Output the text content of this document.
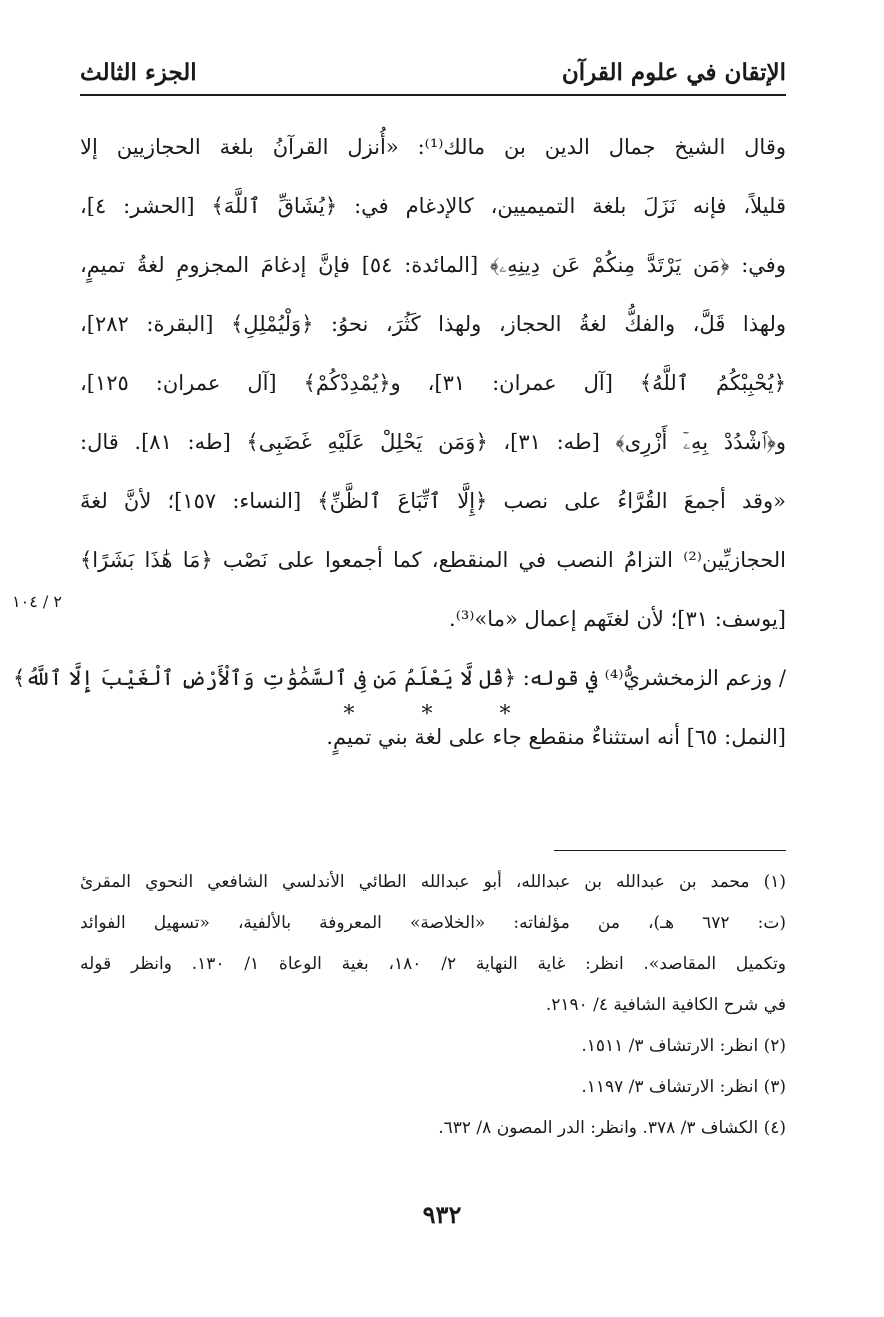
الإتقان في علوم القرآن
الجزء الثالث
وقال الشيخ جمال الدين بن مالك⁽¹⁾: «أُنزل القرآنُ بلغة الحجازيين إلا
قليلاً، فإنه نَزَلَ بلغة التميميين، كالإدغام في: ﴿يُشَاقِّ ٱللَّهَ﴾ [الحشر: ٤]،
وفي: ﴿مَن يَرْتَدَّ مِنكُمْ عَن دِينِهِۦ﴾ [المائدة: ٥٤] فإنَّ إدغامَ المجزومِ لغةُ تميمٍ،
ولهذا قَلَّ، والفكُّ لغةُ الحجاز، ولهذا كَثُرَ، نحوُ: ﴿وَلْيُمْلِلِ﴾ [البقرة: ٢٨٢]،
﴿يُحْبِبْكُمُ ٱللَّهُ﴾ [آل عمران: ٣١]، و﴿يُمْدِدْكُمْ﴾ [آل عمران: ١٢٥]،
و﴿ٱشْدُدْ بِهِۦٓ أَزْرِى﴾ [طه: ٣١]، ﴿وَمَن يَحْلِلْ عَلَيْهِ غَضَبِى﴾ [طه: ٨١]. قال:
«وقد أجمعَ القُرَّاءُ على نصب ﴿إِلَّا ٱتِّبَاعَ ٱلظَّنِّ﴾ [النساء: ١٥٧]؛ لأنَّ لغةَ
الحجازيِّين⁽²⁾ التزامُ النصب في المنقطع، كما أجمعوا على نَصْب ﴿مَا هَٰذَا بَشَرًا﴾
[يوسف: ٣١]؛ لأن لغتَهم إعمال «ما»⁽³⁾.
/ وزعم الزمخشريُّ⁽⁴⁾ في قوله: ﴿قُل لَّا يَعْلَمُ مَن فِى ٱلسَّمَٰوَٰتِ وَٱلْأَرْضِ ٱلْغَيْبَ إِلَّا ٱللَّهُ﴾
[النمل: ٦٥] أنه استثناءٌ منقطع جاء على لغة بني تميمٍ.
٢ / ١٠٤
* * *
(١) محمد بن عبدالله بن عبدالله، أبو عبدالله الطائي الأندلسي الشافعي النحوي المقرئ
(ت: ٦٧٢ هـ)، من مؤلفاته: «الخلاصة» المعروفة بالألفية، «تسهيل الفوائد
وتكميل المقاصد». انظر: غاية النهاية ٢/ ١٨٠، بغية الوعاة ١/ ١٣٠. وانظر قوله
في شرح الكافية الشافية ٤/ ٢١٩٠.
(٢) انظر: الارتشاف ٣/ ١٥١١.
(٣) انظر: الارتشاف ٣/ ١١٩٧.
(٤) الكشاف ٣/ ٣٧٨. وانظر: الدر المصون ٨/ ٦٣٢.
٩٣٢
